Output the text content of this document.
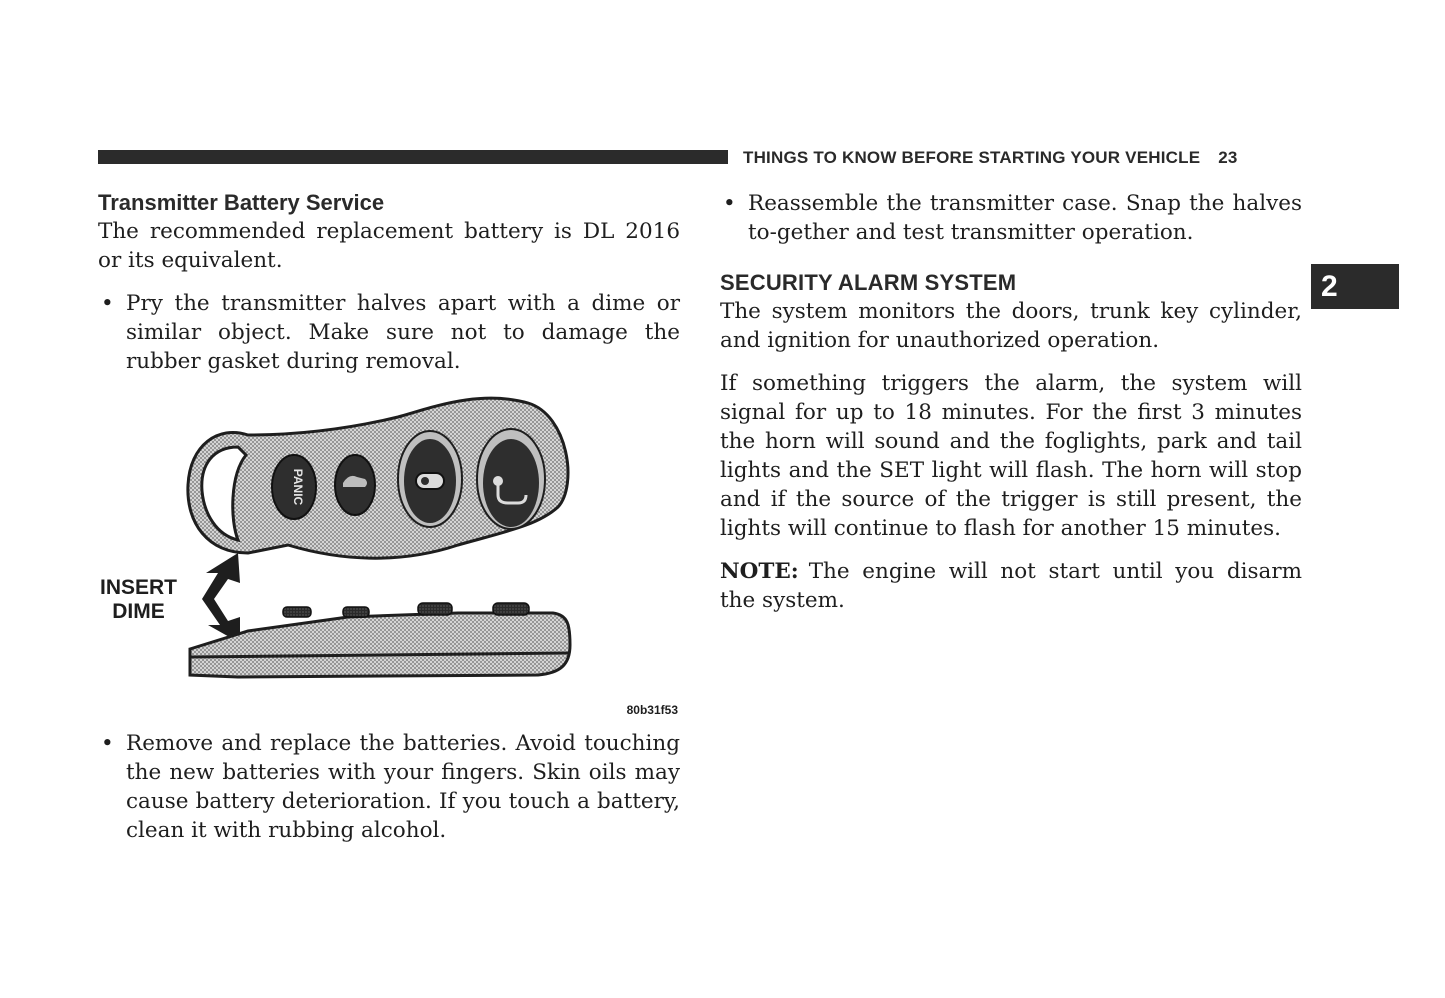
THINGS TO KNOW BEFORE STARTING YOUR VEHICLE 23
2
Transmitter Battery Service

The recommended replacement battery is DL 2016 or its equivalent.

• Pry the transmitter halves apart with a dime or similar object. Make sure not to damage the rubber gasket during removal.

PANIC
INSERT
DIME
80b31f53
• Remove and replace the batteries. Avoid touching the new batteries with your fingers. Skin oils may cause battery deterioration. If you touch a battery, clean it with rubbing alcohol.

• Reassemble the transmitter case. Snap the halves to-gether and test transmitter operation.

SECURITY ALARM SYSTEM

The system monitors the doors, trunk key cylinder, and ignition for unauthorized operation.

If something triggers the alarm, the system will signal for up to 18 minutes. For the first 3 minutes the horn will sound and the foglights, park and tail lights and the SET light will flash. The horn will stop and if the source of the trigger is still present, the lights will continue to flash for another 15 minutes.

NOTE: The engine will not start until you disarm the system.
